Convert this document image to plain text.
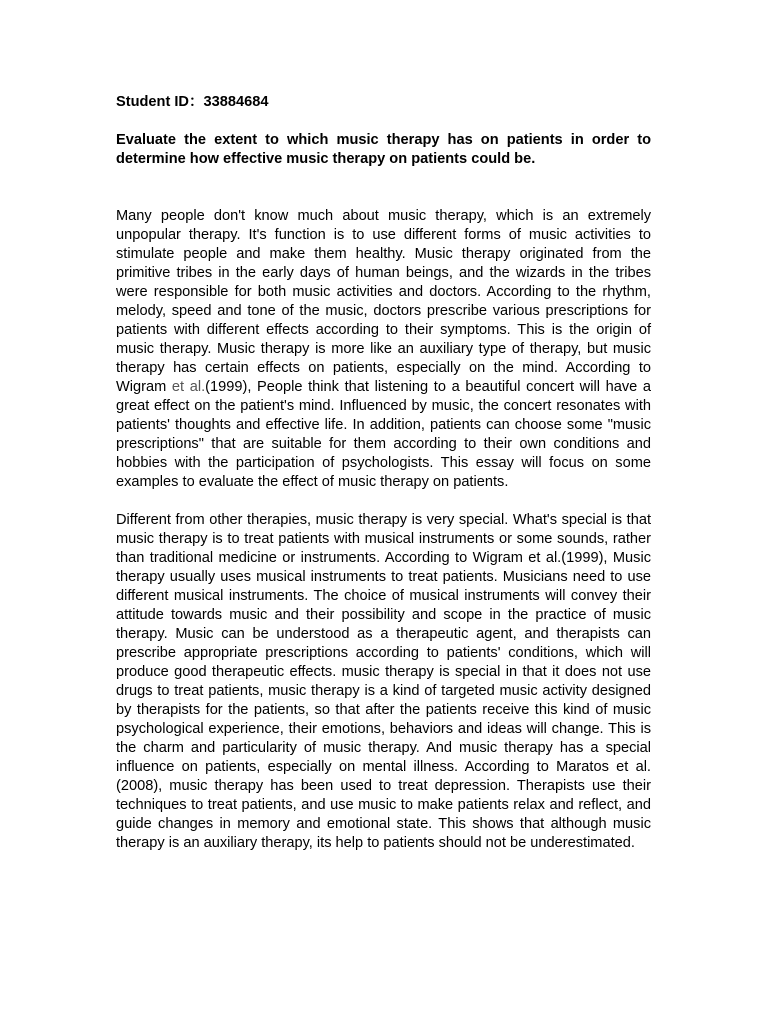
Student ID：33884684

Evaluate the extent to which music therapy has on patients in order to determine how effective music therapy on patients could be.

Many people don't know much about music therapy, which is an extremely unpopular therapy. It's function is to use different forms of music activities to stimulate people and make them healthy. Music therapy originated from the primitive tribes in the early days of human beings, and the wizards in the tribes were responsible for both music activities and doctors. According to the rhythm, melody, speed and tone of the music, doctors prescribe various prescriptions for patients with different effects according to their symptoms. This is the origin of music therapy. Music therapy is more like an auxiliary type of therapy, but music therapy has certain effects on patients, especially on the mind. According to Wigram et al.(1999), People think that listening to a beautiful concert will have a great effect on the patient's mind. Influenced by music, the concert resonates with patients' thoughts and effective life. In addition, patients can choose some "music prescriptions" that are suitable for them according to their own conditions and hobbies with the participation of psychologists. This essay will focus on some examples to evaluate the effect of music therapy on patients.

Different from other therapies, music therapy is very special. What's special is that music therapy is to treat patients with musical instruments or some sounds, rather than traditional medicine or instruments. According to Wigram et al.(1999), Music therapy usually uses musical instruments to treat patients. Musicians need to use different musical instruments. The choice of musical instruments will convey their attitude towards music and their possibility and scope in the practice of music therapy. Music can be understood as a therapeutic agent, and therapists can prescribe appropriate prescriptions according to patients' conditions, which will produce good therapeutic effects. music therapy is special in that it does not use drugs to treat patients, music therapy is a kind of targeted music activity designed by therapists for the patients, so that after the patients receive this kind of music psychological experience, their emotions, behaviors and ideas will change. This is the charm and particularity of music therapy. And music therapy has a special influence on patients, especially on mental illness. According to Maratos et al.(2008), music therapy has been used to treat depression. Therapists use their techniques to treat patients, and use music to make patients relax and reflect, and guide changes in memory and emotional state. This shows that although music therapy is an auxiliary therapy, its help to patients should not be underestimated.
